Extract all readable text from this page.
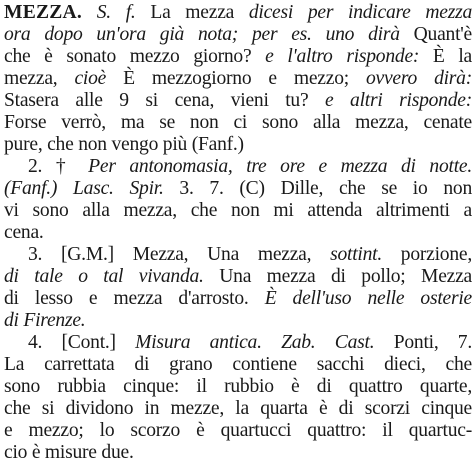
MEZZA. S. f. La mezza dicesi per indicare mezza
ora dopo un'ora già nota; per es. uno dirà Quant'è
che è sonato mezzo giorno? e l'altro risponde: È la
mezza, cioè È mezzogiorno e mezzo; ovvero dirà:
Stasera alle 9 si cena, vieni tu? e altri risponde:
Forse verrò, ma se non ci sono alla mezza, cenate
pure, che non vengo più (Fanf.)
2. † Per antonomasia, tre ore e mezza di notte.
(Fanf.) Lasc. Spir. 3. 7. (C) Dille, che se io non
vi sono alla mezza, che non mi attenda altrimenti a
cena.
3. [G.M.] Mezza, Una mezza, sottint. porzione,
di tale o tal vivanda. Una mezza di pollo; Mezza
di lesso e mezza d'arrosto. È dell'uso nelle osterie
di Firenze.
4. [Cont.] Misura antica. Zab. Cast. Ponti, 7.
La carrettata di grano contiene sacchi dieci, che
sono rubbia cinque: il rubbio è di quattro quarte,
che si dividono in mezze, la quarta è di scorzi cinque
e mezzo; lo scorzo è quartucci quattro: il quartuc-
cio è misure due.
